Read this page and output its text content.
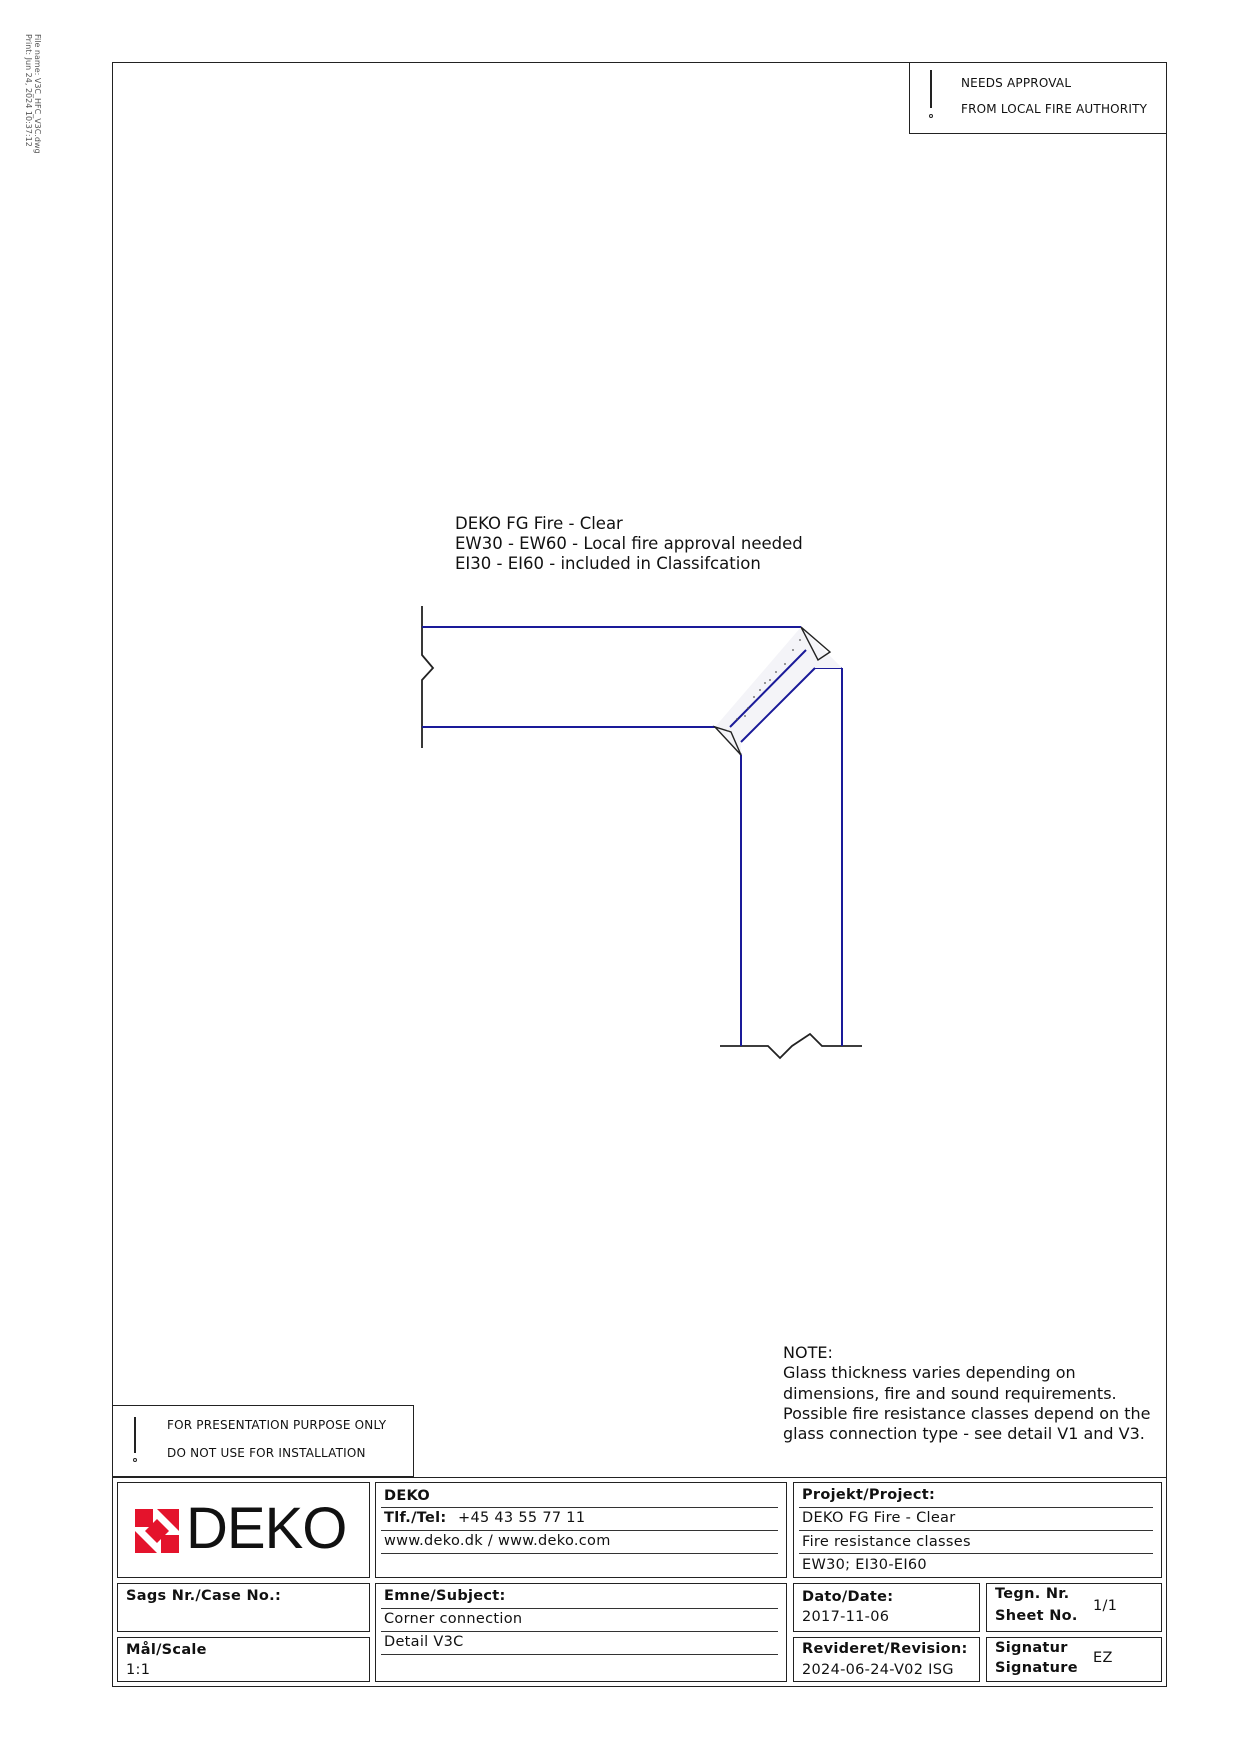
Print: Jun 24, 2024 10:37:12 File name: V3C_HFC_V3C.dwg	NEEDS APPROVAL
FROM LOCAL FIRE AUTHORITY
DEKO FG Fire - Clear
EW30 - EW60 - Local fire approval needed
EI30 - EI60 - included in Classifcation
NOTE:
Glass thickness varies depending on
dimensions, fire and sound requirements.
Possible fire resistance classes depend on the
glass connection type - see detail V1 and V3.
FOR PRESENTATION PURPOSE ONLY
DO NOT USE FOR INSTALLATION
DEKO	DEKO
Tlf./Tel: +45 43 55 77 11
www.deko.dk / www.deko.com
Projekt/Project:
DEKO FG Fire - Clear
Fire resistance classes
EW30; EI30-EI60
Sags Nr./Case No.:
Mål/Scale
1:1
Emne/Subject:
Corner connection
Detail V3C
Dato/Date:
2017-11-06
Tegn. Nr.
Sheet No.
1/1
Revideret/Revision:
2024-06-24-V02 ISG
Signatur
Signature
EZ
